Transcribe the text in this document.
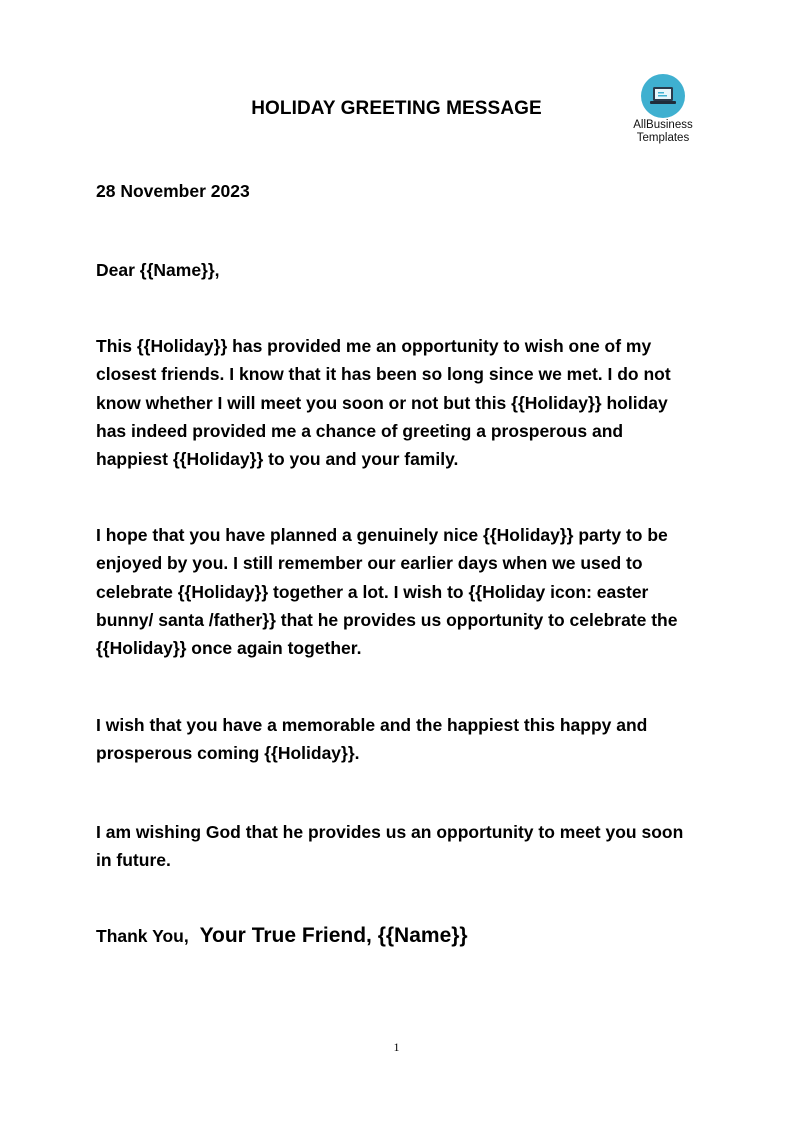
HOLIDAY GREETING MESSAGE
AllBusiness
Templates
28 November 2023
Dear {{Name}},
This {{Holiday}} has provided me an opportunity to wish one of my closest friends. I know that it has been so long since we met. I do not know whether I will meet you soon or not but this {{Holiday}} holiday has indeed provided me a chance of greeting a prosperous and happiest {{Holiday}} to you and your family.
I hope that you have planned a genuinely nice {{Holiday}} party to be enjoyed by you. I still remember our earlier days when we used to celebrate {{Holiday}} together a lot. I wish to {{Holiday icon: easter bunny/ santa /father}} that he provides us opportunity to celebrate the {{Holiday}} once again together.
I wish that you have a memorable and the happiest this happy and prosperous coming {{Holiday}}.
I am wishing God that he provides us an opportunity to meet you soon in future.
Thank You, Your True Friend, {{Name}}
1
